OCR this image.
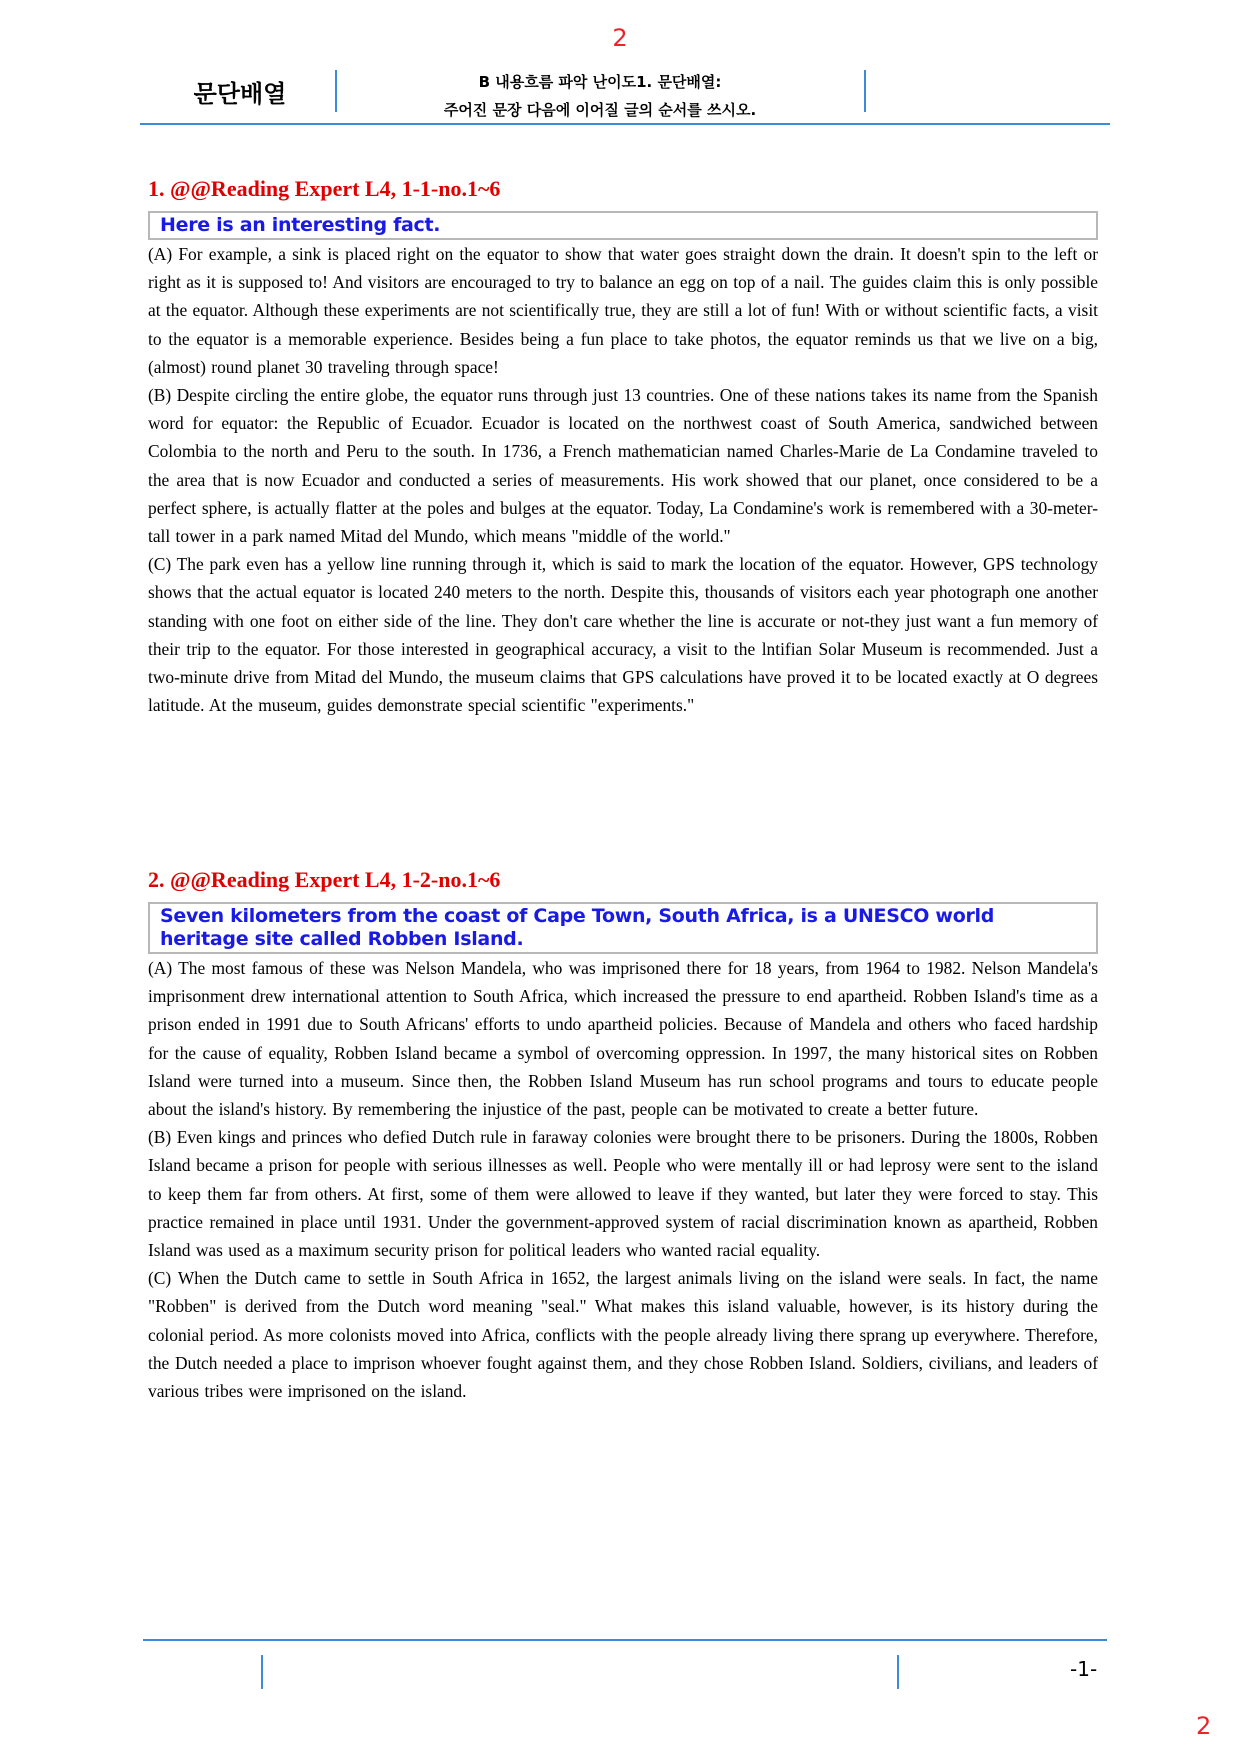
2
문단배열	B 내용흐름 파악 난이도1. 문단배열:
주어진 문장 다음에 이어질 글의 순서를 쓰시오.
1. @@Reading Expert L4, 1-1-no.1~6
Here is an interesting fact.

(A) For example, a sink is placed right on the equator to show that water goes straight down the drain. It doesn't spin to the left or right as it is supposed to! And visitors are encouraged to try to balance an egg on top of a nail. The guides claim this is only possible at the equator. Although these experiments are not scientifically true, they are still a lot of fun! With or without scientific facts, a visit to the equator is a memorable experience. Besides being a fun place to take photos, the equator reminds us that we live on a big, (almost) round planet 30 traveling through space!

(B) Despite circling the entire globe, the equator runs through just 13 countries. One of these nations takes its name from the Spanish word for equator: the Republic of Ecuador. Ecuador is located on the northwest coast of South America, sandwiched between Colombia to the north and Peru to the south. In 1736, a French mathematician named Charles-Marie de La Condamine traveled to the area that is now Ecuador and conducted a series of measurements. His work showed that our planet, once considered to be a perfect sphere, is actually flatter at the poles and bulges at the equator. Today, La Condamine's work is remembered with a 30-meter-tall tower in a park named Mitad del Mundo, which means "middle of the world."

(C) The park even has a yellow line running through it, which is said to mark the location of the equator. However, GPS technology shows that the actual equator is located 240 meters to the north. Despite this, thousands of visitors each year photograph one another standing with one foot on either side of the line. They don't care whether the line is accurate or not-they just want a fun memory of their trip to the equator. For those interested in geographical accuracy, a visit to the lntifian Solar Museum is recommended. Just a two-minute drive from Mitad del Mundo, the museum claims that GPS calculations have proved it to be located exactly at O degrees latitude. At the museum, guides demonstrate special scientific "experiments."

2. @@Reading Expert L4, 1-2-no.1~6
Seven kilometers from the coast of Cape Town, South Africa, is a UNESCO world heritage site called Robben Island.

(A) The most famous of these was Nelson Mandela, who was imprisoned there for 18 years, from 1964 to 1982. Nelson Mandela's imprisonment drew international attention to South Africa, which increased the pressure to end apartheid. Robben Island's time as a prison ended in 1991 due to South Africans' efforts to undo apartheid policies. Because of Mandela and others who faced hardship for the cause of equality, Robben Island became a symbol of overcoming oppression. In 1997, the many historical sites on Robben Island were turned into a museum. Since then, the Robben Island Museum has run school programs and tours to educate people about the island's history. By remembering the injustice of the past, people can be motivated to create a better future.

(B) Even kings and princes who defied Dutch rule in faraway colonies were brought there to be prisoners. During the 1800s, Robben Island became a prison for people with serious illnesses as well. People who were mentally ill or had leprosy were sent to the island to keep them far from others. At first, some of them were allowed to leave if they wanted, but later they were forced to stay. This practice remained in place until 1931. Under the government-approved system of racial discrimination known as apartheid, Robben Island was used as a maximum security prison for political leaders who wanted racial equality.

(C) When the Dutch came to settle in South Africa in 1652, the largest animals living on the island were seals. In fact, the name "Robben" is derived from the Dutch word meaning "seal." What makes this island valuable, however, is its history during the colonial period. As more colonists moved into Africa, conflicts with the people already living there sprang up everywhere. Therefore, the Dutch needed a place to imprison whoever fought against them, and they chose Robben Island. Soldiers, civilians, and leaders of various tribes were imprisoned on the island.

-1-
2
